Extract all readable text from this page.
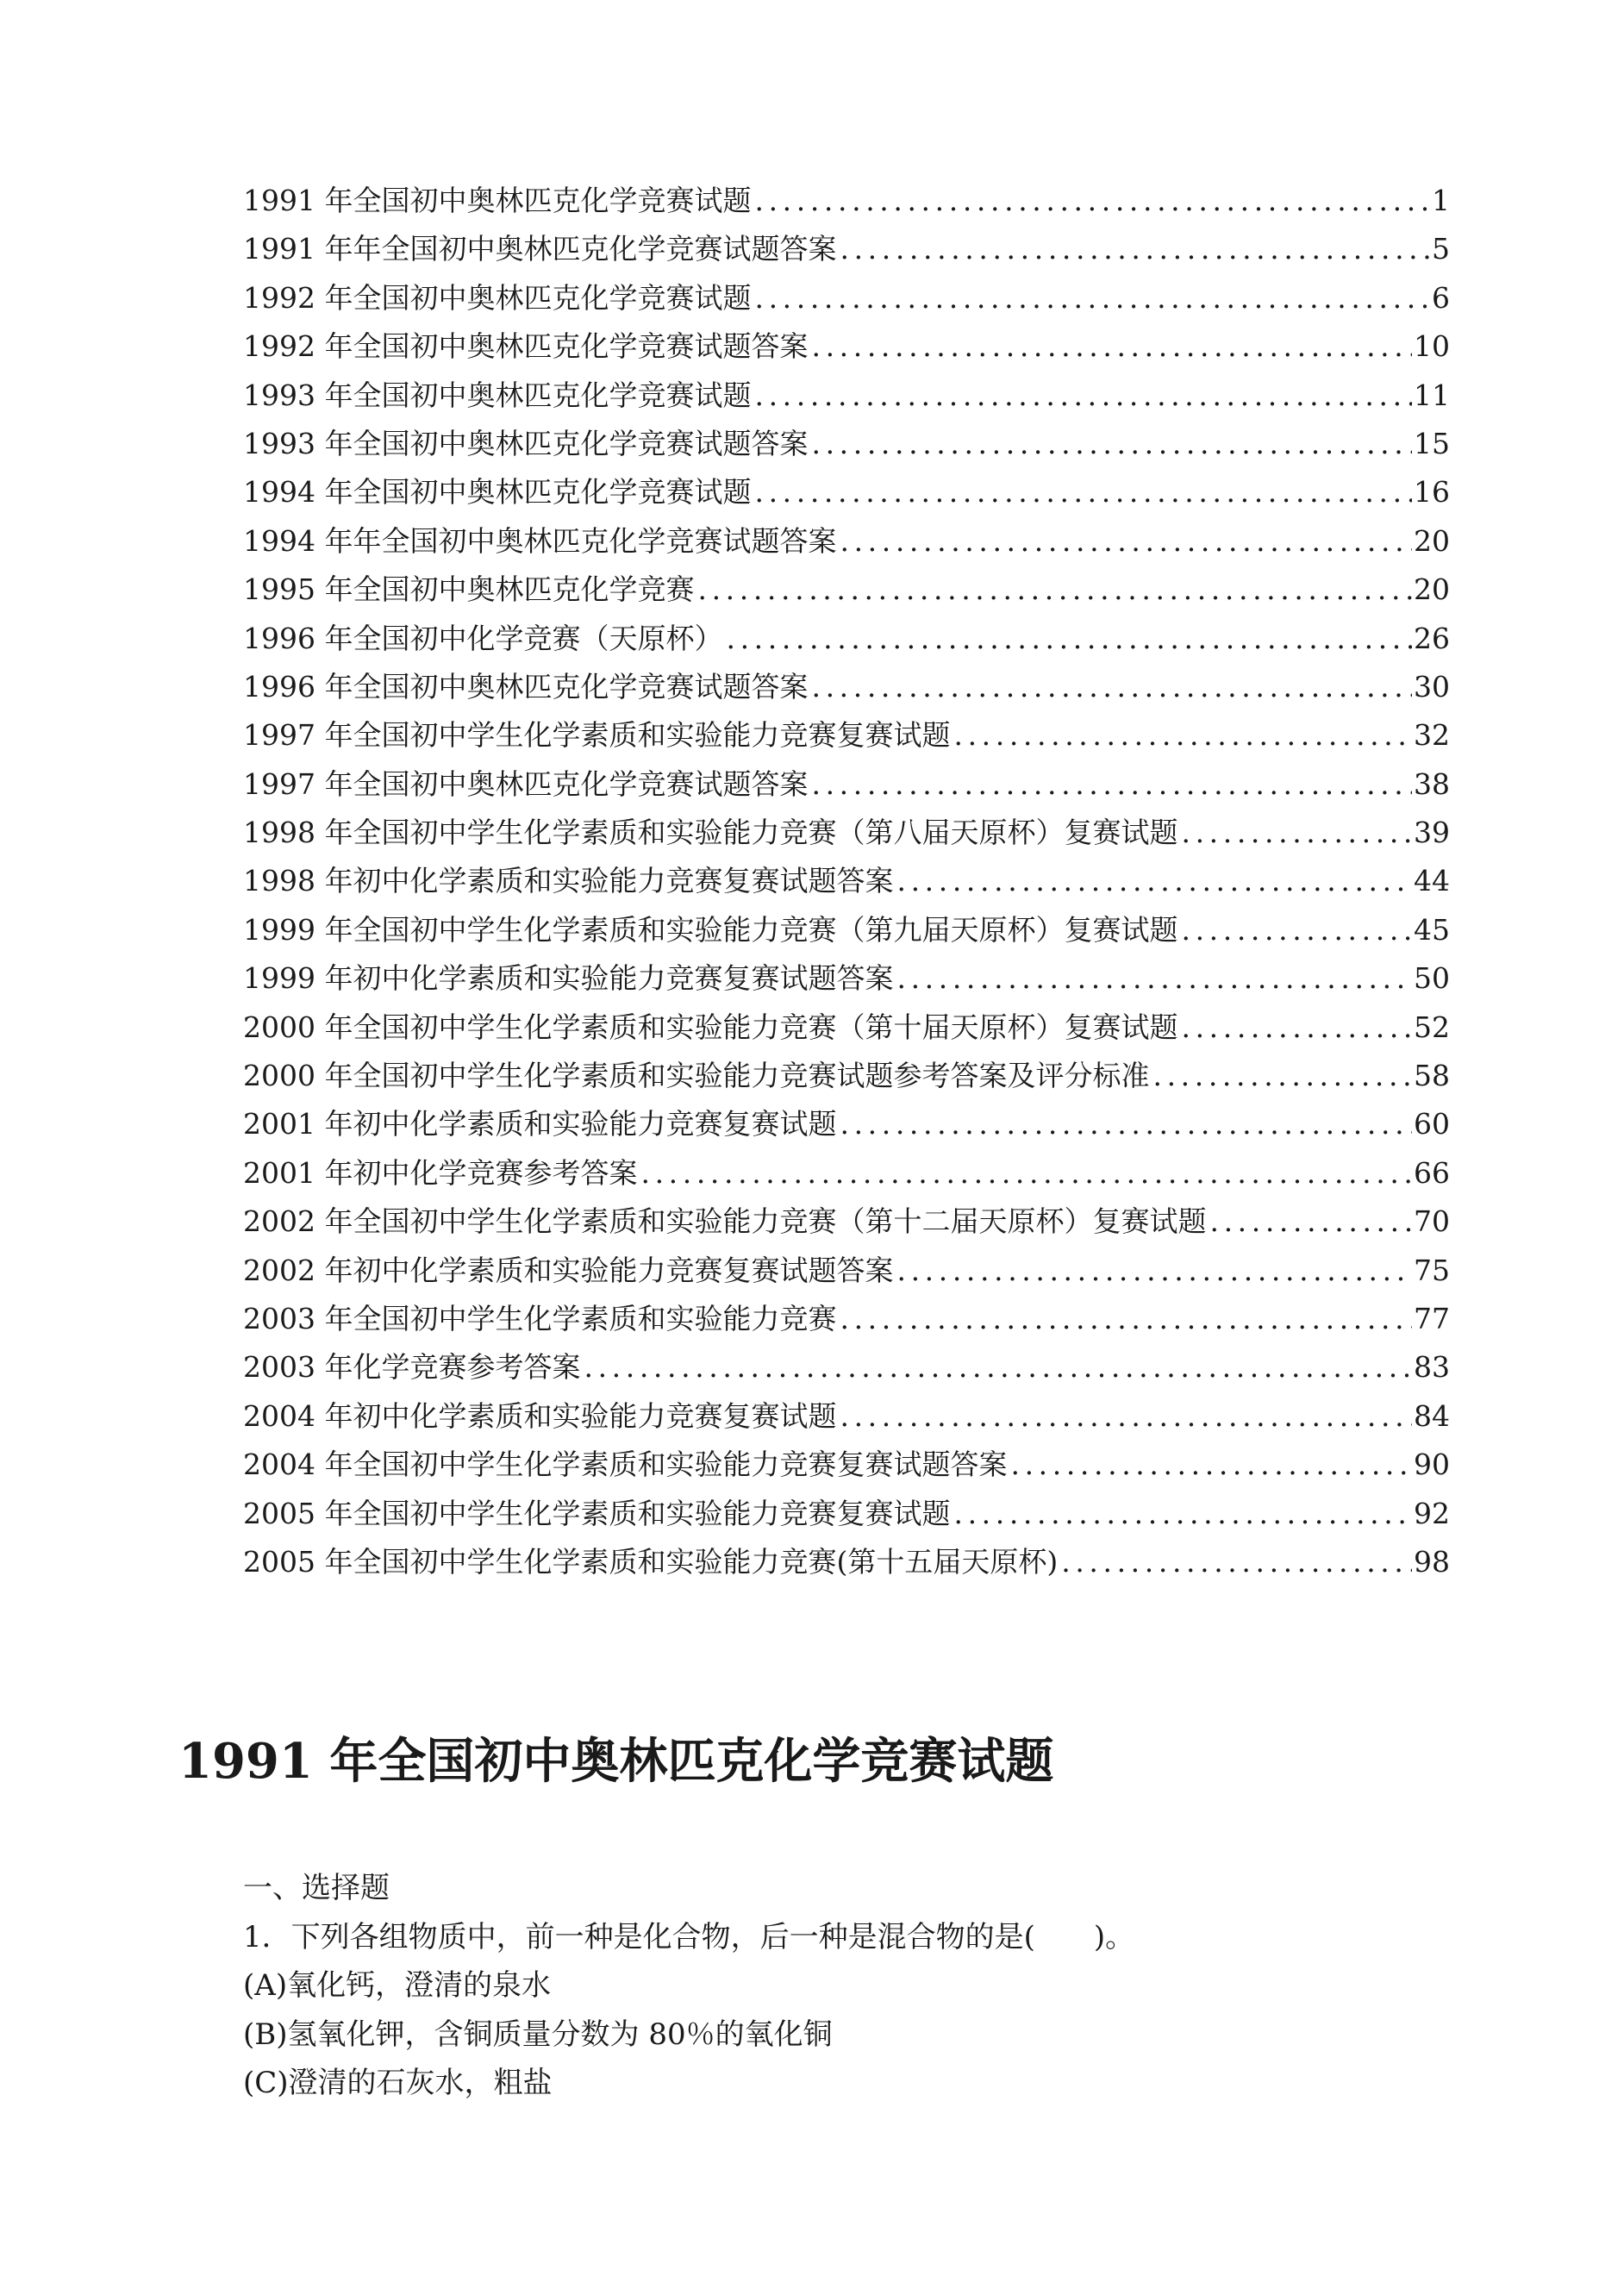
1991 年全国初中奥林匹克化学竞赛试题 .....	1
1991 年年全国初中奥林匹克化学竞赛试题答案 .....	5
1992 年全国初中奥林匹克化学竞赛试题 .....	6
1992 年全国初中奥林匹克化学竞赛试题答案 .....	10
1993 年全国初中奥林匹克化学竞赛试题 .....	11
1993 年全国初中奥林匹克化学竞赛试题答案 .....	15
1994 年全国初中奥林匹克化学竞赛试题 .....	16
1994 年年全国初中奥林匹克化学竞赛试题答案 .....	20
1995 年全国初中奥林匹克化学竞赛 .....	20
1996 年全国初中化学竞赛（天原杯） .....	26
1996 年全国初中奥林匹克化学竞赛试题答案 .....	30
1997 年全国初中学生化学素质和实验能力竞赛复赛试题 .....	32
1997 年全国初中奥林匹克化学竞赛试题答案 .....	38
1998 年全国初中学生化学素质和实验能力竞赛（第八届天原杯）复赛试题 .....	39
1998 年初中化学素质和实验能力竞赛复赛试题答案 .....	44
1999 年全国初中学生化学素质和实验能力竞赛（第九届天原杯）复赛试题 .....	45
1999 年初中化学素质和实验能力竞赛复赛试题答案 .....	50
2000 年全国初中学生化学素质和实验能力竞赛（第十届天原杯）复赛试题 .....	52
2000 年全国初中学生化学素质和实验能力竞赛试题参考答案及评分标准 .....	58
2001 年初中化学素质和实验能力竞赛复赛试题 .....	60
2001 年初中化学竞赛参考答案 .....	66
2002 年全国初中学生化学素质和实验能力竞赛（第十二届天原杯）复赛试题 .....	70
2002 年初中化学素质和实验能力竞赛复赛试题答案 .....	75
2003 年全国初中学生化学素质和实验能力竞赛 .....	77
2003 年化学竞赛参考答案 .....	83
2004 年初中化学素质和实验能力竞赛复赛试题 .....	84
2004 年全国初中学生化学素质和实验能力竞赛复赛试题答案 .....	90
2005 年全国初中学生化学素质和实验能力竞赛复赛试题 .....	92
2005 年全国初中学生化学素质和实验能力竞赛(第十五届天原杯) .....	98
1991 年全国初中奥林匹克化学竞赛试题
一、选择题
1．下列各组物质中，前一种是化合物，后一种是混合物的是(　　)。
(A)氧化钙，澄清的泉水
(B)氢氧化钾，含铜质量分数为 80％的氧化铜
(C)澄清的石灰水，粗盐
